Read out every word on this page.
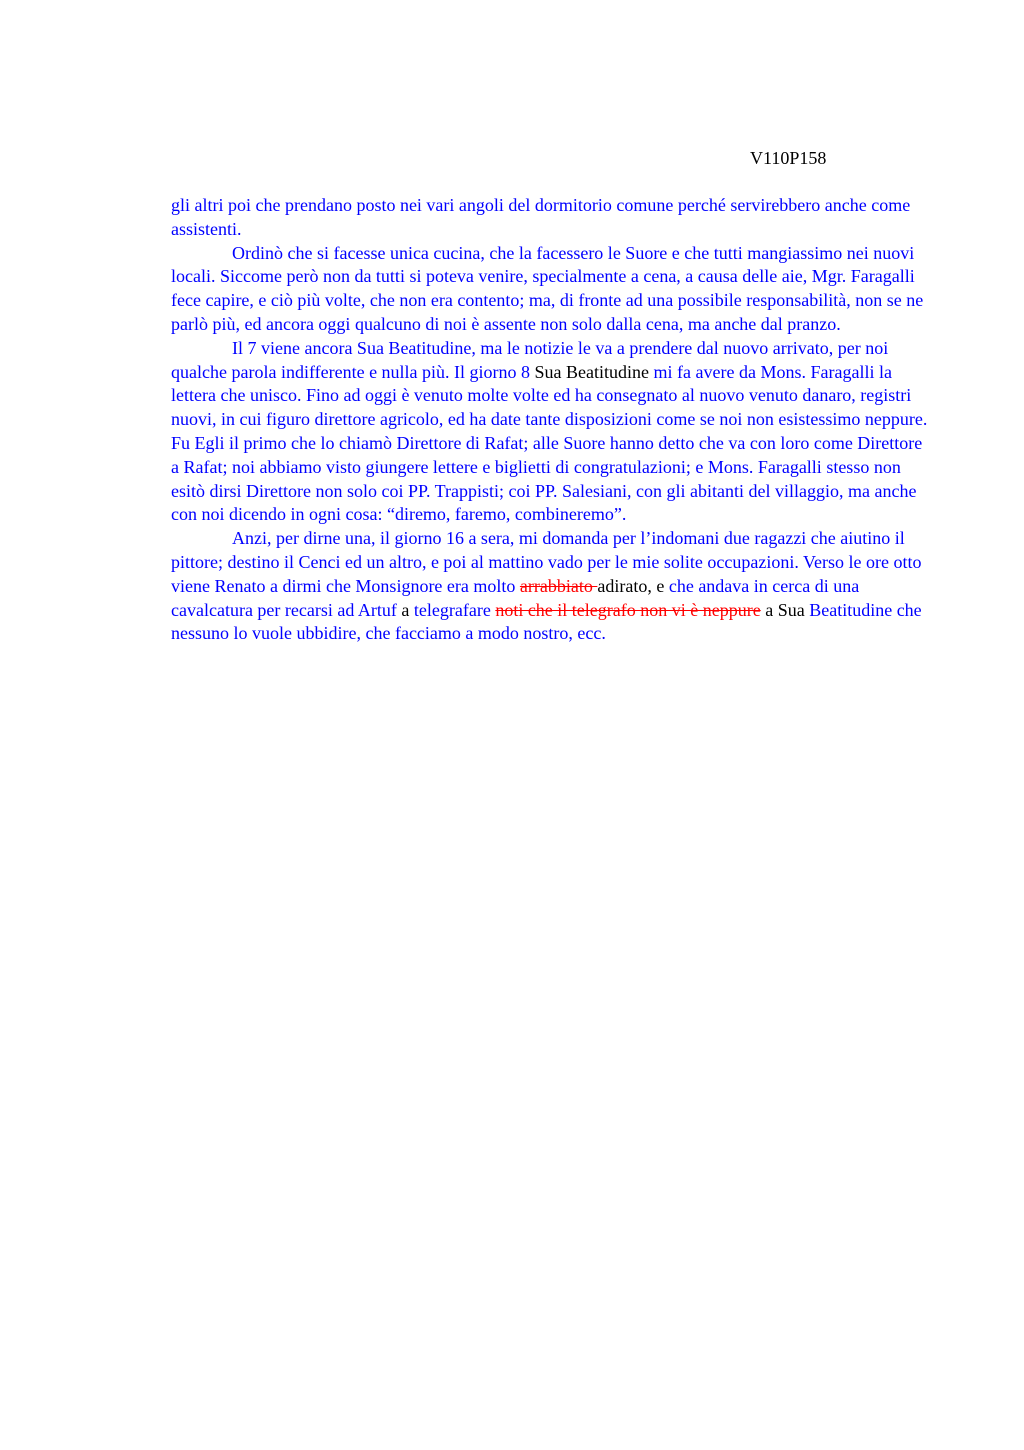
V110P158

gli altri poi che prendano posto nei vari angoli del dormitorio comune perché servirebbero anche come assistenti.

Ordinò che si facesse unica cucina, che la facessero le Suore e che tutti mangiassimo nei nuovi locali. Siccome però non da tutti si poteva venire, specialmente a cena, a causa delle aie, Mgr. Faragalli fece capire, e ciò più volte, che non era contento; ma, di fronte ad una possibile responsabilità, non se ne parlò più, ed ancora oggi qualcuno di noi è assente non solo dalla cena, ma anche dal pranzo.

Il 7 viene ancora Sua Beatitudine, ma le notizie le va a prendere dal nuovo arrivato, per noi qualche parola indifferente e nulla più. Il giorno 8 Sua Beatitudine mi fa avere da Mons. Faragalli la lettera che unisco. Fino ad oggi è venuto molte volte ed ha consegnato al nuovo venuto danaro, registri nuovi, in cui figuro direttore agricolo, ed ha date tante disposizioni come se noi non esistessimo neppure. Fu Egli il primo che lo chiamò Direttore di Rafat; alle Suore hanno detto che va con loro come Direttore a Rafat; noi abbiamo visto giungere lettere e biglietti di congratulazioni; e Mons. Faragalli stesso non esitò dirsi Direttore non solo coi PP. Trappisti; coi PP. Salesiani, con gli abitanti del villaggio, ma anche con noi dicendo in ogni cosa: “diremo, faremo, combineremo”.

Anzi, per dirne una, il giorno 16 a sera, mi domanda per l’indomani due ragazzi che aiutino il pittore; destino il Cenci ed un altro, e poi al mattino vado per le mie solite occupazioni. Verso le ore otto viene Renato a dirmi che Monsignore era molto arrabbiato adirato, e che andava in cerca di una cavalcatura per recarsi ad Artuf a telegrafare noti che il telegrafo non vi è neppure a Sua Beatitudine che nessuno lo vuole ubbidire, che facciamo a modo nostro, ecc.
